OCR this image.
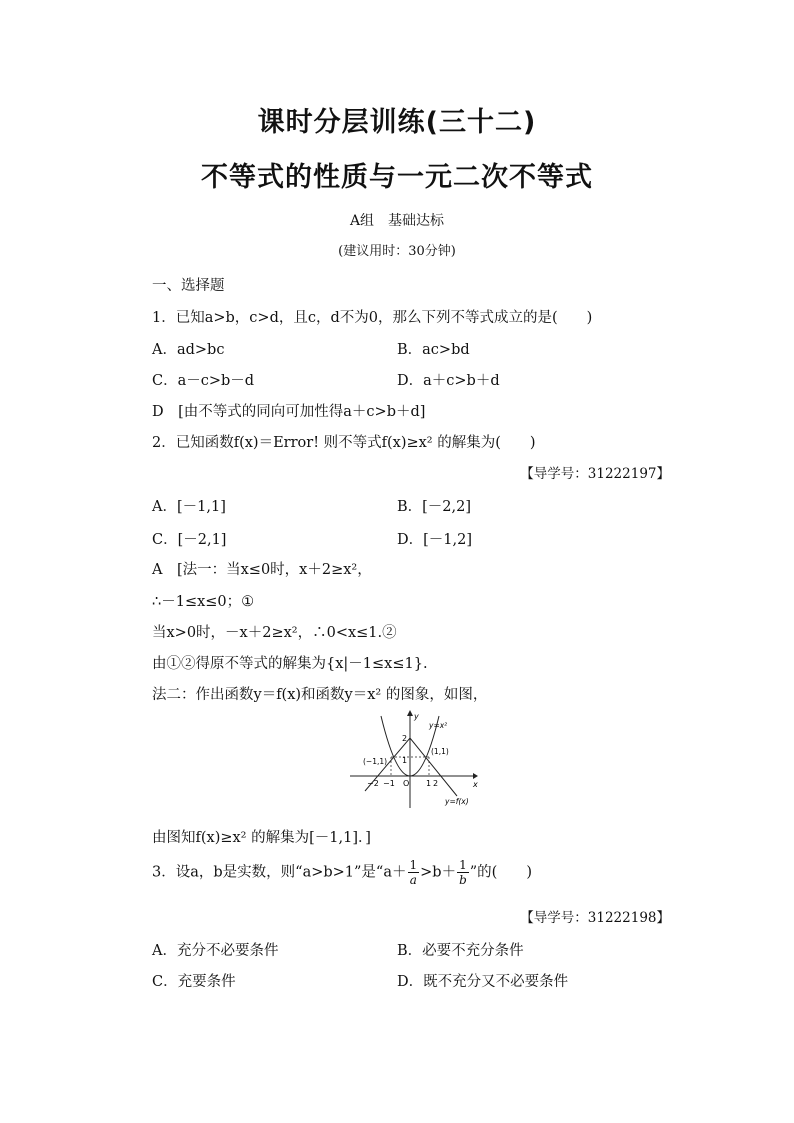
课时分层训练(三十二)
不等式的性质与一元二次不等式
A组　基础达标
(建议用时：30分钟)
一、选择题
1．已知a>b，c>d，且c，d不为0，那么下列不等式成立的是(　　)
A．ad>bc	B．ac>bd
C．a－c>b－d	D．a＋c>b＋d
D　[由不等式的同向可加性得a＋c>b＋d]
2．已知函数f(x)＝Error! 则不等式f(x)≥x² 的解集为(　　)
【导学号：31222197】
A．[－1,1]	B．[－2,2]
C．[－2,1]	D．[－1,2]
A　[法一：当x≤0时，x＋2≥x²，
∴－1≤x≤0；①
当x>0时，－x＋2≥x²，∴0<x≤1.②
由①②得原不等式的解集为{x|－1≤x≤1}.
法二：作出函数y＝f(x)和函数y＝x² 的图象，如图，
y
x
y=x²
y=f(x)
(−1,1)
(1,1)
2
1
−2 −1 O 1 2
由图知f(x)≥x² 的解集为[－1,1]．]
3．设a，b是实数，则“a>b>1”是“$a+ \frac{1}{a} >b+ \frac{1}{b}$ ”的(　　)
【导学号：31222198】
A．充分不必要条件	B．必要不充分条件
C．充要条件	D．既不充分又不必要条件
